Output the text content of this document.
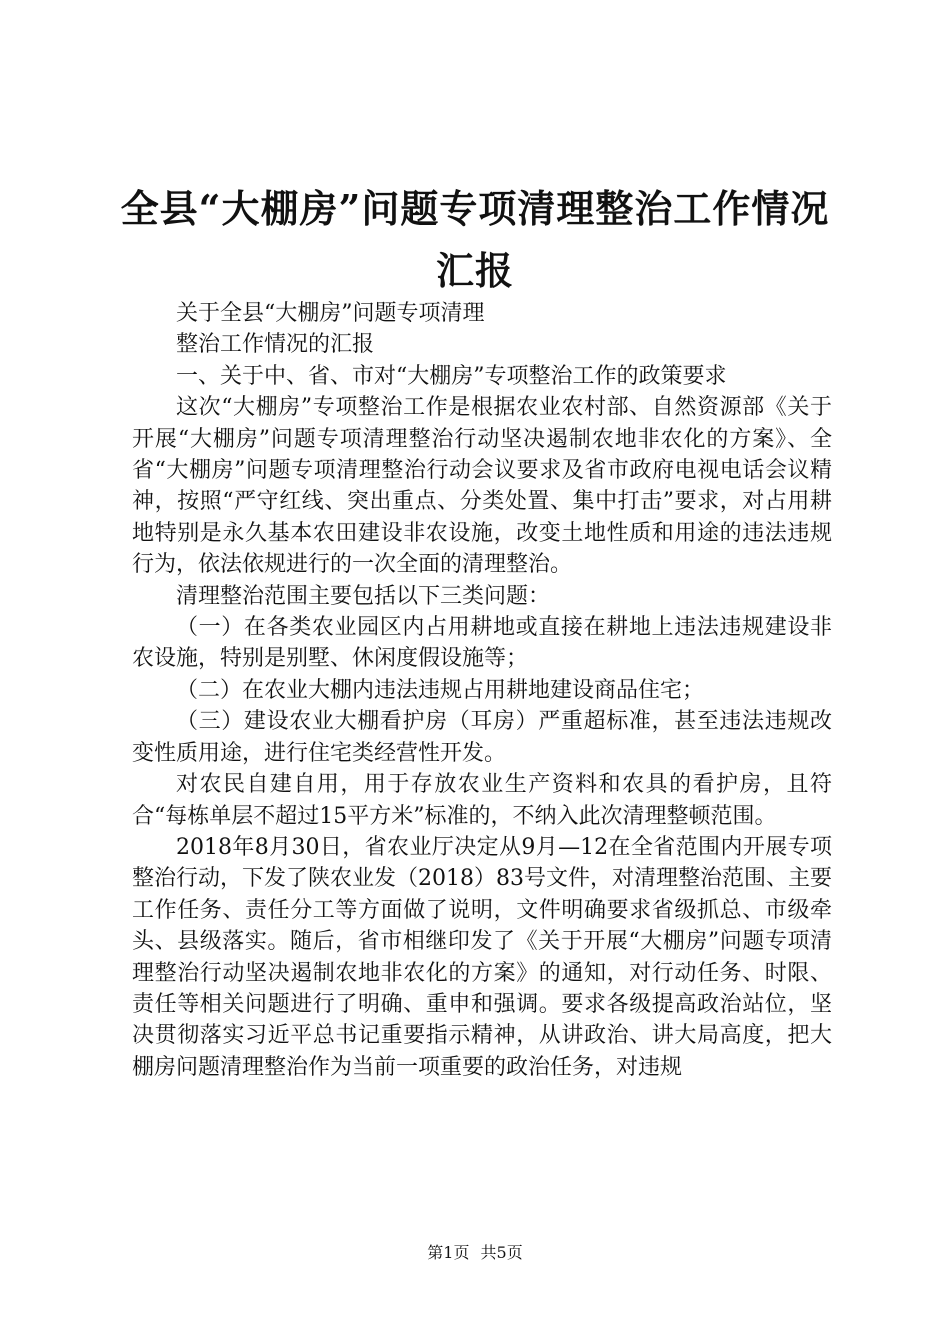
全县“大棚房”问题专项清理整治工作情况汇报

关于全县“大棚房”问题专项清理

整治工作情况的汇报

一、关于中、省、市对“大棚房”专项整治工作的政策要求

这次“大棚房”专项整治工作是根据农业农村部、自然资源部《关于开展“大棚房”问题专项清理整治行动坚决遏制农地非农化的方案》、全省“大棚房”问题专项清理整治行动会议要求及省市政府电视电话会议精神，按照“严守红线、突出重点、分类处置、集中打击”要求，对占用耕地特别是永久基本农田建设非农设施，改变土地性质和用途的违法违规行为，依法依规进行的一次全面的清理整治。

清理整治范围主要包括以下三类问题：

（一）在各类农业园区内占用耕地或直接在耕地上违法违规建设非农设施，特别是别墅、休闲度假设施等；

（二）在农业大棚内违法违规占用耕地建设商品住宅；

（三）建设农业大棚看护房（耳房）严重超标准，甚至违法违规改变性质用途，进行住宅类经营性开发。

对农民自建自用，用于存放农业生产资料和农具的看护房，且符合“每栋单层不超过15平方米”标准的，不纳入此次清理整顿范围。

2018年8月30日，省农业厅决定从9月—12在全省范围内开展专项整治行动，下发了陕农业发（2018）83号文件，对清理整治范围、主要工作任务、责任分工等方面做了说明，文件明确要求省级抓总、市级牵头、县级落实。随后，省市相继印发了《关于开展“大棚房”问题专项清理整治行动坚决遏制农地非农化的方案》的通知，对行动任务、时限、责任等相关问题进行了明确、重申和强调。要求各级提高政治站位，坚决贯彻落实习近平总书记重要指示精神，从讲政治、讲大局高度，把大棚房问题清理整治作为当前一项重要的政治任务，对违规

第1页 共5页
